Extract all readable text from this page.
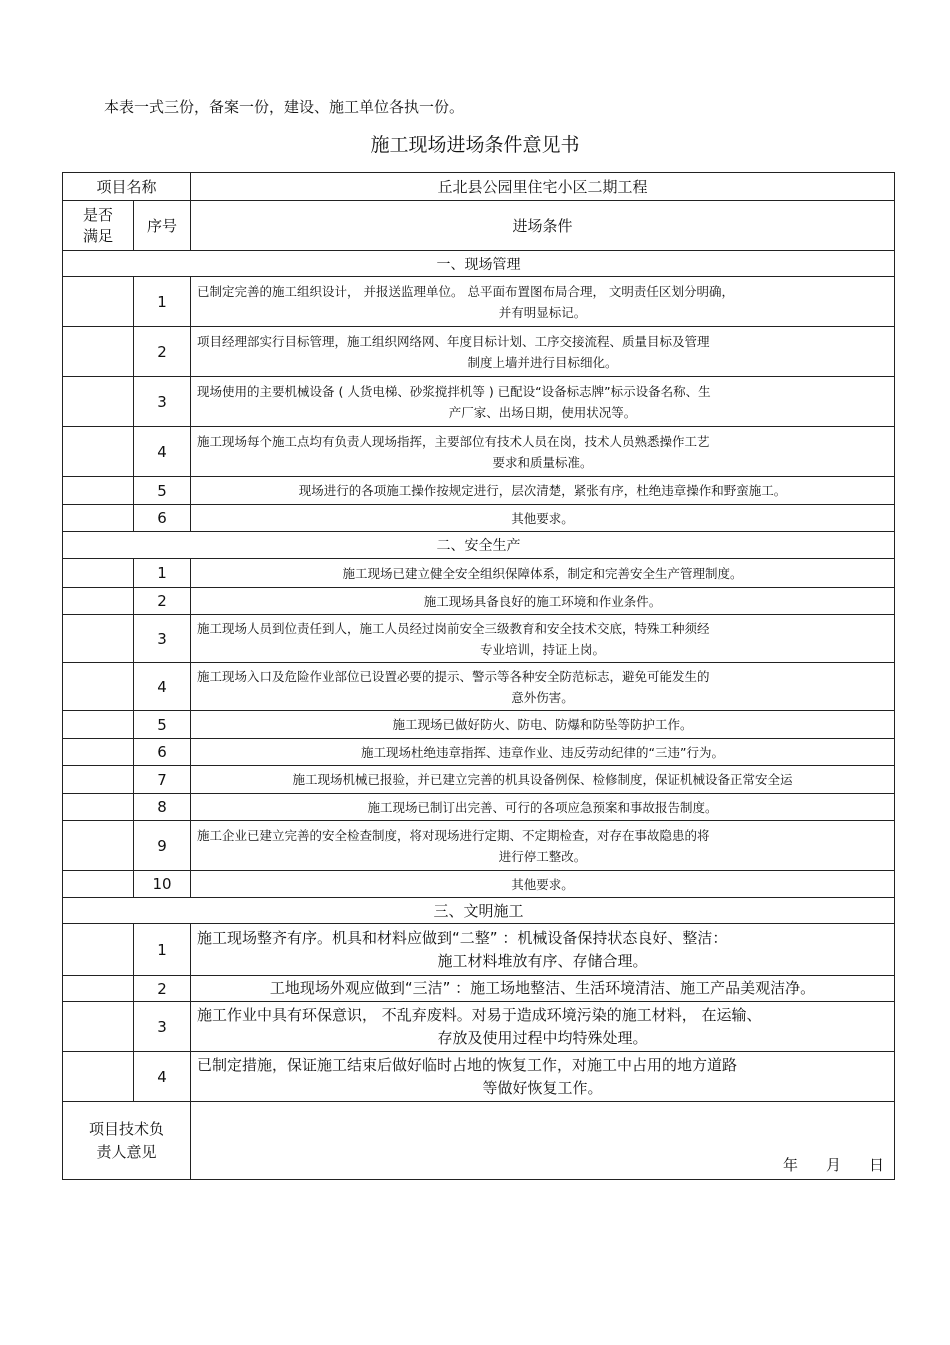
本表一式三份，备案一份，建设、施工单位各执一份。
施工现场进场条件意见书
项目名称		丘北县公园里住宅小区二期工程
是否
满足	序号	进场条件
一、现场管理		
	1	已制定完善的施工组织设计， 并报送监理单位。 总平面布置图布局合理， 文明责任区划分明确，
并有明显标记。

	2	项目经理部实行目标管理，施工组织网络网、年度目标计划、工序交接流程、质量目标及管理
制度上墙并进行目标细化。

	3	现场使用的主要机械设备 ( 人货电梯、砂浆搅拌机等 ) 已配设“设备标志牌”标示设备名称、生
产厂家、出场日期，使用状况等。

	4	施工现场每个施工点均有负责人现场指挥，主要部位有技术人员在岗，技术人员熟悉操作工艺
要求和质量标准。

	5	现场进行的各项施工操作按规定进行，层次清楚，紧张有序，杜绝违章操作和野蛮施工。

	6	其他要求。

二、安全生产		
	1	施工现场已建立健全安全组织保障体系，制定和完善安全生产管理制度。

	2	施工现场具备良好的施工环境和作业条件。

	3	施工现场人员到位责任到人，施工人员经过岗前安全三级教育和安全技术交底，特殊工种须经
专业培训，持证上岗。

	4	施工现场入口及危险作业部位已设置必要的提示、警示等各种安全防范标志，避免可能发生的
意外伤害。

	5	施工现场已做好防火、防电、防爆和防坠等防护工作。

	6	施工现场杜绝违章指挥、违章作业、违反劳动纪律的“三违”行为。

	7	施工现场机械已报验，并已建立完善的机具设备例保、检修制度，保证机械设备正常安全运

	8	施工现场已制订出完善、可行的各项应急预案和事故报告制度。

	9	施工企业已建立完善的安全检查制度，将对现场进行定期、不定期检查，对存在事故隐患的将
进行停工整改。

	10	其他要求。

三、文明施工		
	1	施工现场整齐有序。机具和材料应做到“二整” ：机械设备保持状态良好、整洁：
施工材料堆放有序、存储合理。

	2	工地现场外观应做到“三洁” ：施工场地整洁、生活环境清洁、施工产品美观洁净。

	3	施工作业中具有环保意识， 不乱弃废料。对易于造成环境污染的施工材料， 在运输、
存放及使用过程中均特殊处理。

	4	已制定措施，保证施工结束后做好临时占地的恢复工作，对施工中占用的地方道路
等做好恢复工作。

项目技术负
责人意见		年 月 日
